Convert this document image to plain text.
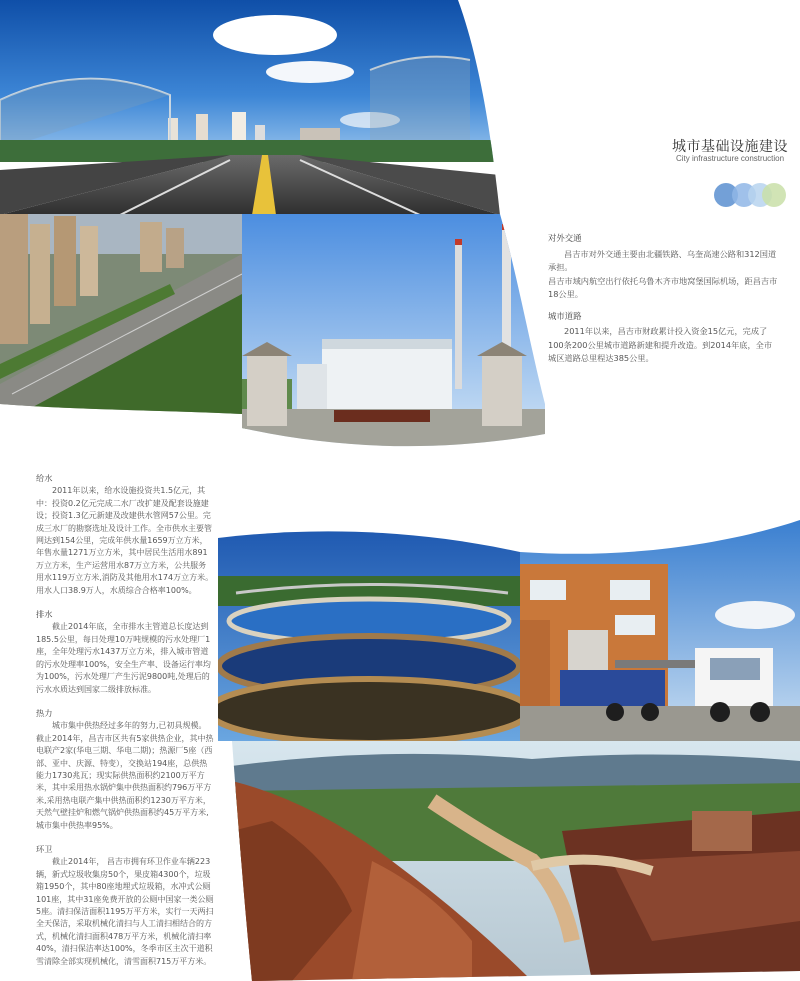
城市基础设施建设
City infrastructure construction
对外交通
昌吉市对外交通主要由北疆铁路、乌奎高速公路和312国道承担。
昌吉市域内航空出行依托乌鲁木齐市地窝堡国际机场，距昌吉市18公里。
城市道路
2011年以来，昌吉市财政累计投入资金15亿元，完成了100条200公里城市道路新建和提升改造。到2014年底，全市城区道路总里程达385公里。
给水
2011年以来，给水设施投资共1.5亿元，其中：投资0.2亿元完成二水厂改扩建及配套设施建设；投资1.3亿元新建及改建供水管网57公里。完成三水厂的勘察选址及设计工作。全市供水主要管网达到154公里，完成年供水量1659万立方米，年售水量1271万立方米，其中居民生活用水891万立方米，生产运营用水87万立方米，公共服务用水119万立方米,消防及其他用水174万立方米。用水人口38.9万人，水质综合合格率100%。
排水
截止2014年底，全市排水主管道总长度达到185.5公里，每日处理10万吨规模的污水处理厂1座，全年处理污水1437万立方米，排入城市管道的污水处理率100%，安全生产率、设备运行率均为100%，污水处理厂产生污泥9800吨,处理后的污水水质达到国家二级排放标准。
热力
城市集中供热经过多年的努力,已初具规模。截止2014年，昌吉市区共有5家供热企业，其中热电联产2家(华电三期、华电二期)；热源厂5座（西部、亚中、庆源、特变），交换站194座，总供热能力1730兆瓦；现实际供热面积约2100万平方米，其中采用热水锅炉集中供热面积约796万平方米,采用热电联产集中供热面积约1230万平方米，天然气壁挂炉和燃气锅炉供热面积约45万平方米,城市集中供热率95%。
环卫
截止2014年， 昌吉市拥有环卫作业车辆223辆，新式垃圾收集房50个，果皮箱4300个，垃圾箱1950个，其中80座地埋式垃圾箱，水冲式公厕101座，其中31座免费开放的公厕中国家一类公厕5座。清扫保洁面积1195万平方米，实行一天两扫全天保洁，采取机械化清扫与人工清扫相结合的方式，机械化清扫面积478万平方米，机械化清扫率40%，清扫保洁率达100%，冬季市区主次干道积雪清除全部实现机械化，清雪面积715万平方米。
